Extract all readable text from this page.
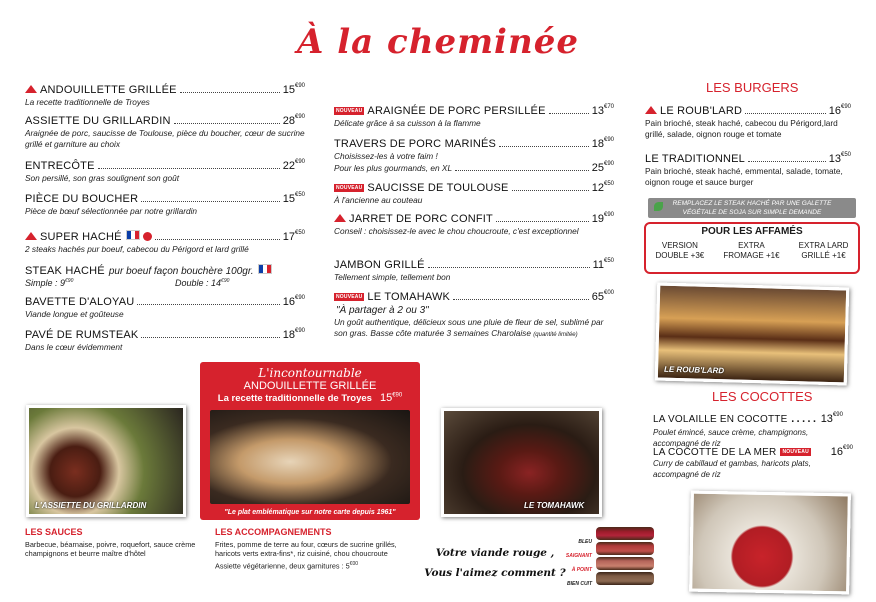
À la cheminée
ANDOUILLETTE GRILLÉE	$15^{€90}$
La recette traditionnelle de Troyes
ASSIETTE DU GRILLARDIN	$28^{€90}$
Araignée de porc, saucisse de Toulouse, pièce du boucher, cœur de sucrine grillé et garniture au choix
ENTRECÔTE	$22^{€90}$
Son persillé, son gras soulignent son goût
PIÈCE DU BOUCHER	$15^{€50}$
Pièce de bœuf sélectionnée par notre grillardin
SUPER HACHÉ	$17^{€50}$
2 steaks hachés pur boeuf, cabecou du Périgord et lard grillé
STEAK HACHÉ pur boeuf façon bouchère 100gr.
Simple : $9^{€90}$	Double : $14^{€90}$
BAVETTE D'ALOYAU	$16^{€90}$
Viande longue et goûteuse
PAVÉ DE RUMSTEAK	$18^{€90}$
Dans le cœur évidemment
NOUVEAU ARAIGNÉE DE PORC PERSILLÉE	$13^{€70}$
Délicate grâce à sa cuisson à la flamme
TRAVERS DE PORC MARINÉS	$18^{€90}$
Choisissez-les à votre faim !
Pour les plus gourmands, en XL	$25^{€90}$
NOUVEAU SAUCISSE DE TOULOUSE	$12^{€50}$
À l'ancienne au couteau
JARRET DE PORC CONFIT	$19^{€90}$
Conseil : choisissez-le avec le chou choucroute, c'est exceptionnel
JAMBON GRILLÉ	$11^{€50}$
Tellement simple, tellement bon
NOUVEAU LE TOMAHAWK	$65^{€00}$
"À partager à 2 ou 3"
Un goût authentique, délicieux sous une pluie de fleur de sel, sublimé par son gras. Basse côte maturée 3 semaines Charolaise (quantité limitée)
LES BURGERS
LE ROUB'LARD	$16^{€90}$
Pain brioché, steak haché, cabecou du Périgord,lard grillé, salade, oignon rouge et tomate
LE TRADITIONNEL	$13^{€50}$
Pain brioché, steak haché, emmental, salade, tomate, oignon rouge et sauce burger
REMPLACEZ LE STEAK HACHÉ PAR UNE GALETTE
VÉGÉTALE DE SOJA SUR SIMPLE DEMANDE
POUR LES AFFAMÉS
VERSION
DOUBLE +3€
EXTRA
FROMAGE +1€
EXTRA LARD
GRILLÉ +1€
LE ROUB'LARD
LES COCOTTES
LA VOLAILLE EN COCOTTE ..... $13^{€90}$
Poulet émincé, sauce crème, champignons, accompagné de riz
LA COCOTTE DE LA MER	NOUVEAU $16^{€90}$
Curry de cabillaud et gambas, haricots plats, accompagné de riz
L'incontournable
ANDOUILLETTE GRILLÉE
La recette traditionnelle de Troyes $15^{€90}$
"Le plat emblématique sur notre carte depuis 1961"
L'ASSIETTE DU GRILLARDIN	LE TOMAHAWK
LES SAUCES
Barbecue, béarnaise, poivre, roquefort, sauce crème champignons et beurre maître d'hôtel
LES ACCOMPAGNEMENTS
Frites, pomme de terre au four, cœurs de sucrine grillés, haricots verts extra-fins*, riz cuisiné, chou choucroute
Assiette végétarienne, deux garnitures : $5^{€00}$
Votre viande rouge ,
Vous l'aimez comment ?
BLEU
SAIGNANT
À POINT
BIEN CUIT
